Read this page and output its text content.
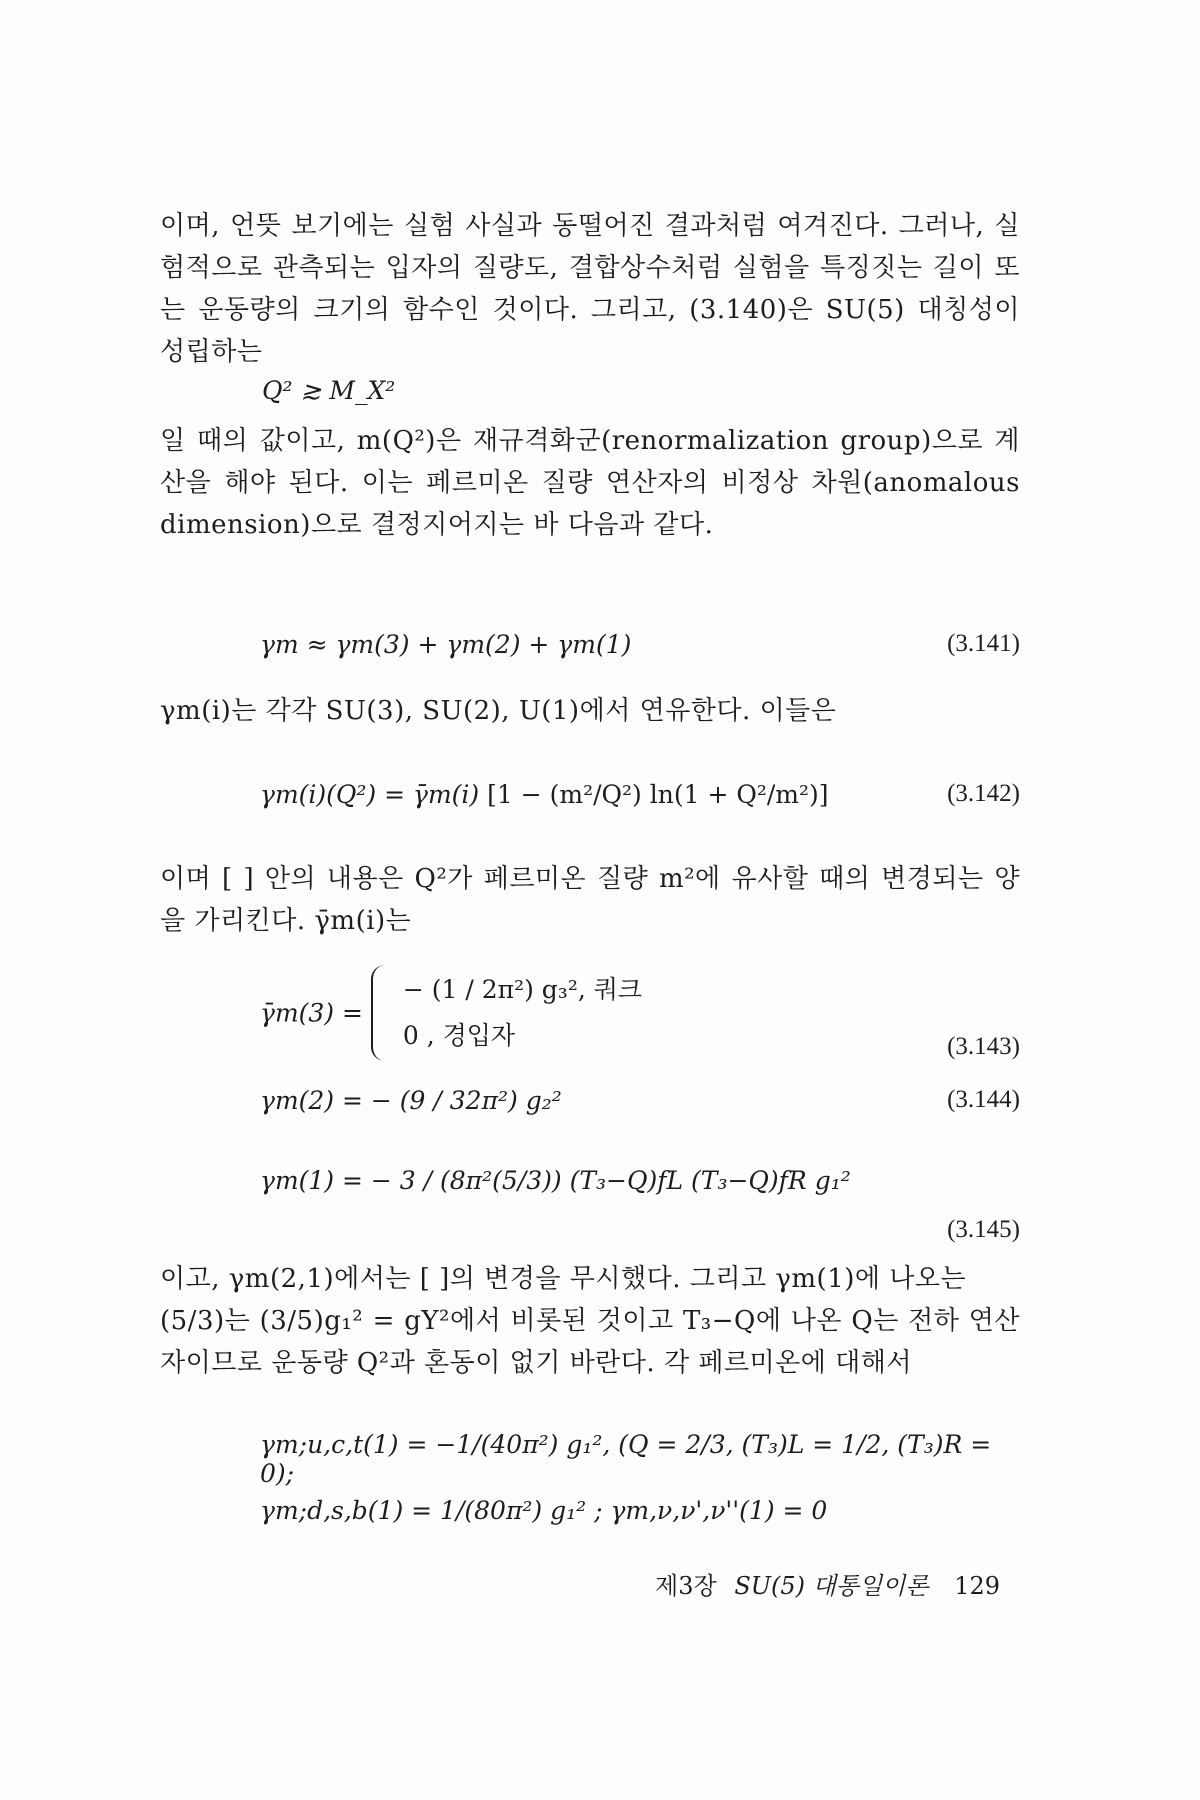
이며, 언뜻 보기에는 실험 사실과 동떨어진 결과처럼 여겨진다. 그러나, 실험적으로 관측되는 입자의 질량도, 결합상수처럼 실험을 특징짓는 길이 또는 운동량의 크기의 함수인 것이다. 그리고, (3.140)은 SU(5) 대칭성이 성립하는

Q² ≳ M_X²

일 때의 값이고, m(Q²)은 재규격화군(renormalization group)으로 계산을 해야 된다. 이는 페르미온 질량 연산자의 비정상 차원(anomalous dimension)으로 결정지어지는 바 다음과 같다.

γm ≈ γm(3) + γm(2) + γm(1)	(3.141)

γm(i)는 각각 SU(3), SU(2), U(1)에서 연유한다. 이들은

γm(i)(Q²) = γ̄m(i) [1 − (m²/Q²) ln(1 + Q²/m²)]	(3.142)

이며 [ ] 안의 내용은 Q²가 페르미온 질량 m²에 유사할 때의 변경되는 양을 가리킨다. γ̄m(i)는

γ̄m(3) =
− (1 / 2π²) g₃², 쿼크
0 , 경입자	(3.143)
γm(2) = − (9 / 32π²) g₂²	(3.144)
γm(1) = − 3 / (8π²(5/3)) (T₃−Q)fL (T₃−Q)fR g₁²
(3.145)

이고, γm(2,1)에서는 [ ]의 변경을 무시했다. 그리고 γm(1)에 나오는

(5/3)는 (3/5)g₁² = gY²에서 비롯된 것이고 T₃−Q에 나온 Q는 전하 연산자이므로 운동량 Q²과 혼동이 없기 바란다. 각 페르미온에 대해서

γm;u,c,t(1) = −1/(40π²) g₁², (Q = 2/3, (T₃)L = 1/2, (T₃)R = 0);
γm;d,s,b(1) = 1/(80π²) g₁² ; γm,ν,ν',ν''(1) = 0
제3장 SU(5) 대통일이론 129
